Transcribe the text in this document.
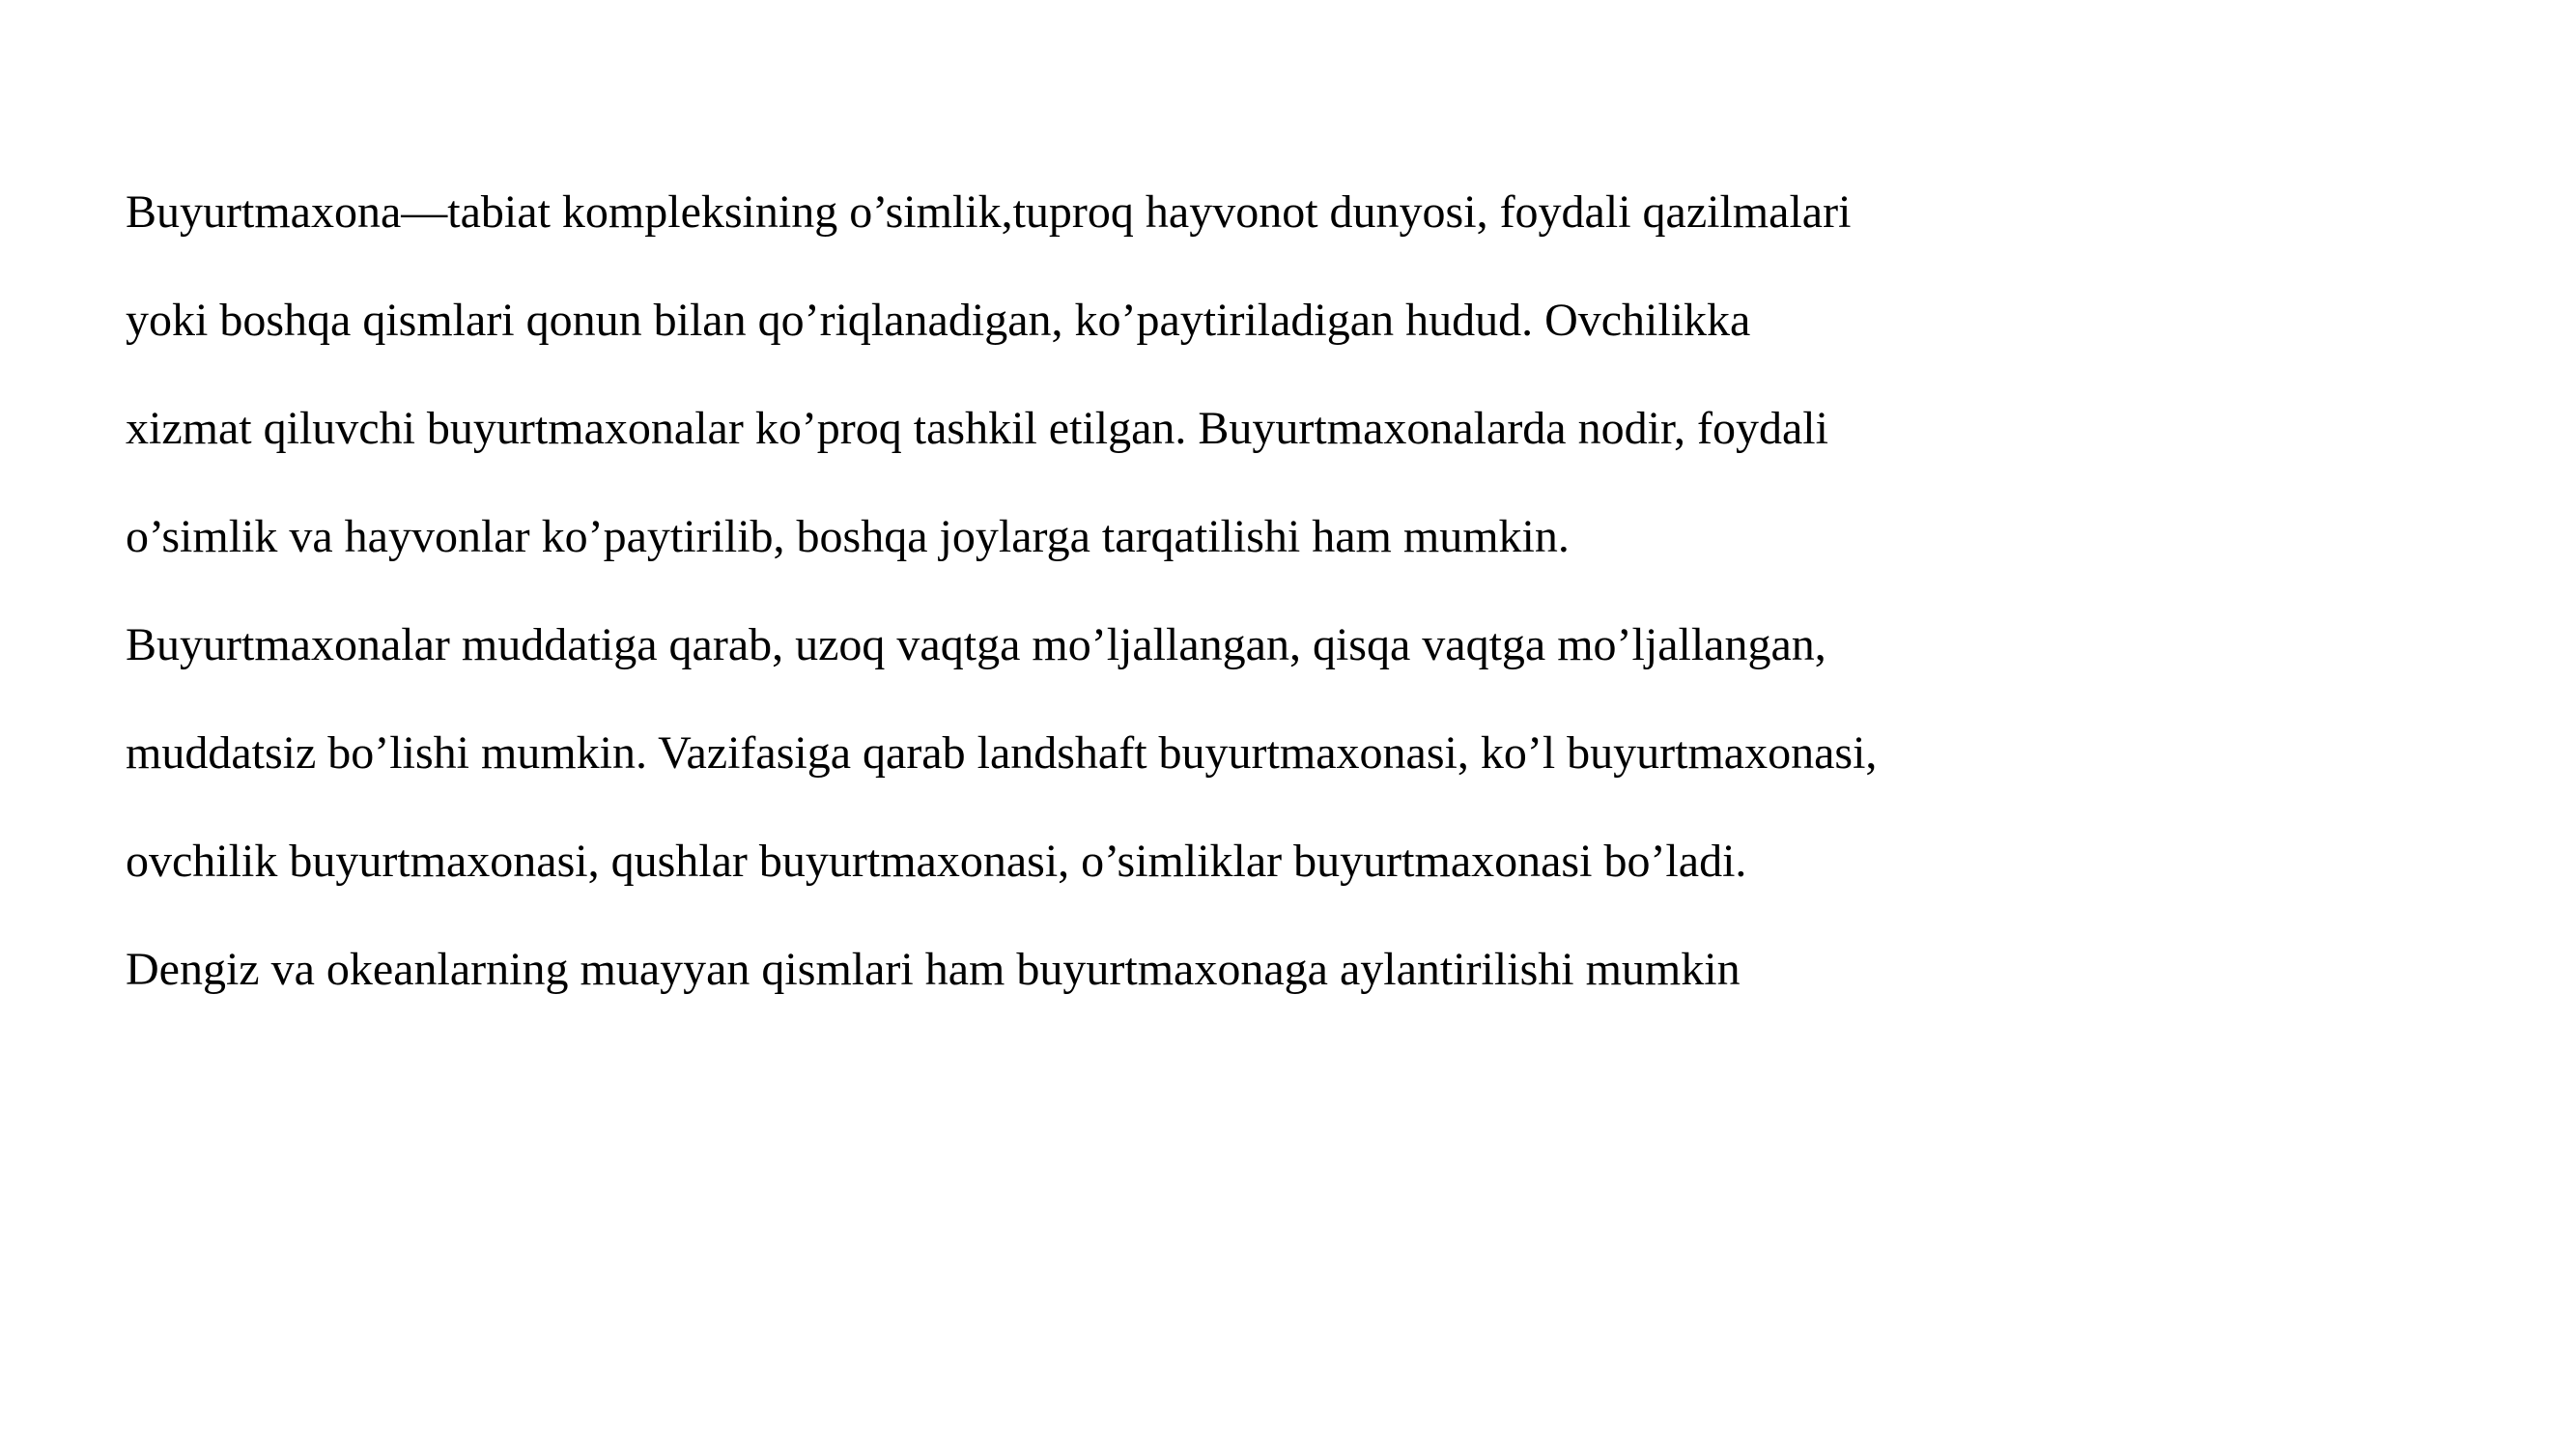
Buyurtmaxona—tabiat kompleksining o’simlik,tuproq hayvonot dunyosi, foydali qazilmalari
yoki boshqa qismlari qonun bilan qo’riqlanadigan, ko’paytiriladigan hudud. Ovchilikka
xizmat qiluvchi buyurtmaxonalar ko’proq tashkil etilgan. Buyurtmaxonalarda nodir, foydali
o’simlik va hayvonlar ko’paytirilib, boshqa joylarga tarqatilishi ham mumkin.
Buyurtmaxonalar muddatiga qarab, uzoq vaqtga mo’ljallangan, qisqa vaqtga mo’ljallangan,
muddatsiz bo’lishi mumkin. Vazifasiga qarab landshaft buyurtmaxonasi, ko’l buyurtmaxonasi,
ovchilik buyurtmaxonasi, qushlar buyurtmaxonasi, o’simliklar buyurtmaxonasi bo’ladi.
Dengiz va okeanlarning muayyan qismlari ham buyurtmaxonaga aylantirilishi mumkin
